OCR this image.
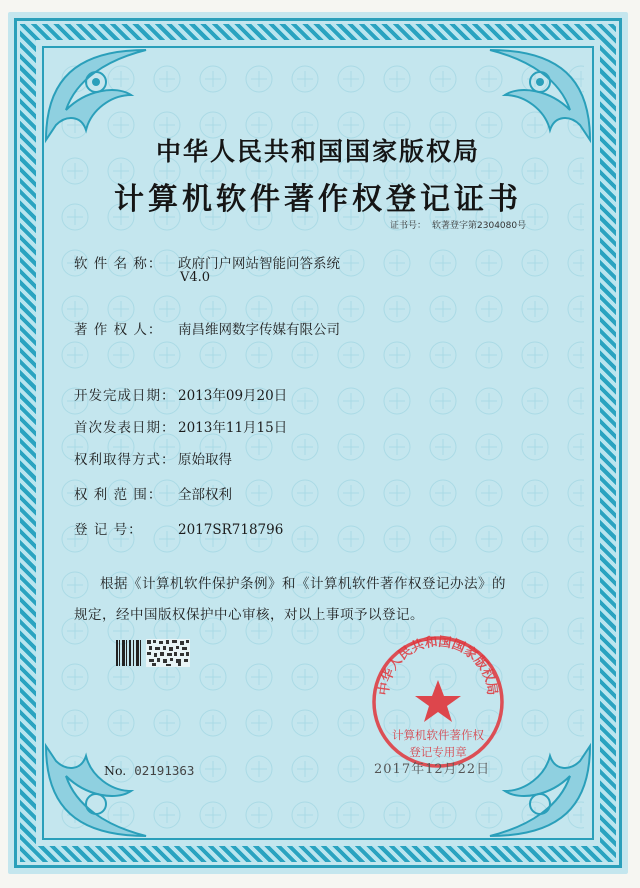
中华人民共和国国家版权局
计算机软件著作权登记证书
证书号： 软著登字第2304080号
软 件 名 称： 政府门户网站智能问答系统
V4.0
著 作 权 人： 南昌维网数字传媒有限公司
开发完成日期： 2013年09月20日
首次发表日期： 2013年11月15日
权利取得方式： 原始取得
权 利 范 围： 全部权利
登 记 号：	2017SR718796
根据《计算机软件保护条例》和《计算机软件著作权登记办法》的
规定，经中国版权保护中心审核，对以上事项予以登记。
No. 02191363
中华人民共和国国家版权局
计算机软件著作权
登记专用章
2017年12月22日
